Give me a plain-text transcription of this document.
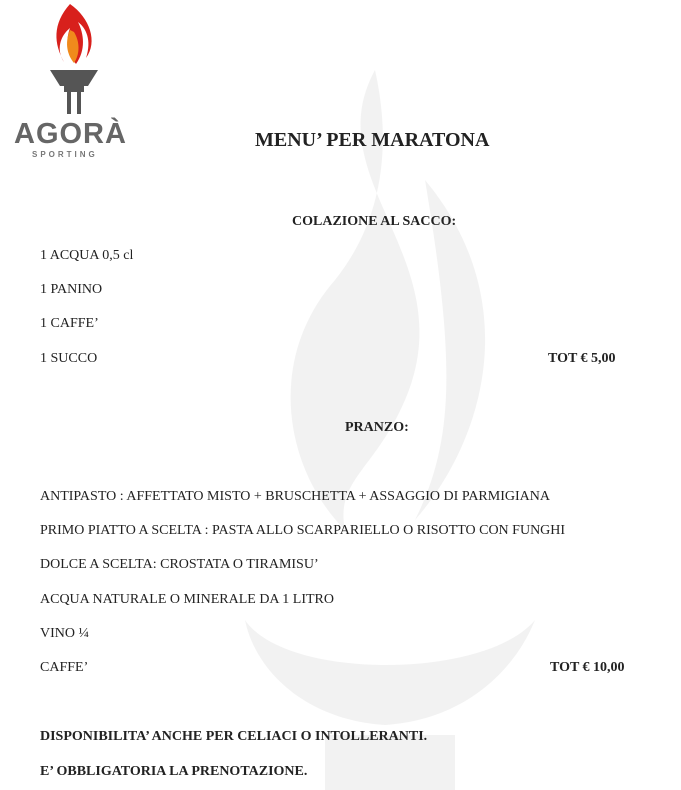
AGORÀ
SPORTING
MENU’ PER MARATONA
COLAZIONE AL SACCO:
1 ACQUA 0,5 cl
1 PANINO
1 CAFFE’
1 SUCCO	TOT € 5,00
PRANZO:
ANTIPASTO : AFFETTATO MISTO + BRUSCHETTA + ASSAGGIO DI PARMIGIANA
PRIMO PIATTO A SCELTA : PASTA ALLO SCARPARIELLO O RISOTTO CON FUNGHI
DOLCE A SCELTA: CROSTATA O TIRAMISU’
ACQUA NATURALE O MINERALE DA 1 LITRO
VINO ¼
CAFFE’	TOT € 10,00
DISPONIBILITA’ ANCHE PER CELIACI O INTOLLERANTI.
E’ OBBLIGATORIA LA PRENOTAZIONE.
